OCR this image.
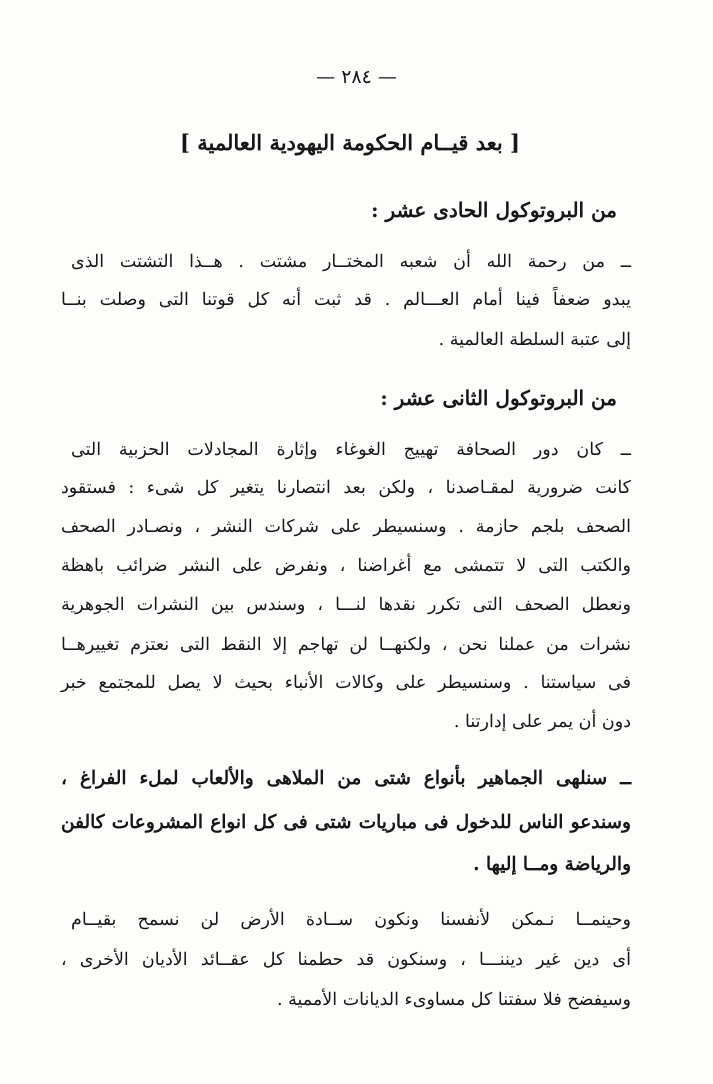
— ٢٨٤ —
[ بعد قيــام الحكومة اليهودية العالمية ]
من البروتوكول الحادى عشر :
ــ من رحمة الله أن شعبه المختــار مشتت . هــذا التشتت الذى
يبدو ضعفاً فينا أمام العـــالم . قد ثبت أنه كل قوتنا التى وصلت بنــا
إلى عتبة السلطة العالمية .
من البروتوكول الثانى عشر :
ــ كان دور الصحافة تهييج الغوغاء وإثارة المجادلات الحزبية التى
كانت ضرورية لمقـاصدنا ، ولكن بعد انتصارنا يتغير كل شىء : فستقود
الصحف بلجم حازمة . وسنسيطر على شركات النشر ، ونصـادر الصحف
والكتب التى لا تتمشى مع أغراضنا ، ونفرض على النشر ضرائب باهظة
ونعطل الصحف التى تكرر نقدها لنـــا ، وسندس بين النشرات الجوهرية
نشرات من عملنا نحن ، ولكنهــا لن تهاجم إلا النقط التى نعتزم تغييرهــا
فى سياستنا . وسنسيطر على وكالات الأنباء بحيث لا يصل للمجتمع خبر
دون أن يمر على إدارتنا .
ــ سنلهى الجماهير بأنواع شتى من الملاهى والألعاب لملء الفراغ ،
وسندعو الناس للدخول فى مباريات شتى فى كل انواع المشروعات كالفن
والرياضة ومــا إليها .
وحينمــا نـمكن لأنفسنا ونكون ســادة الأرض لن نسمح بقيــام
أى دين غير ديننـــا ، وسنكون قد حطمنا كل عقــائد الأديان الأخرى ،
وسيفضح فلا سفتنا كل مساوىء الديانات الأممية .
